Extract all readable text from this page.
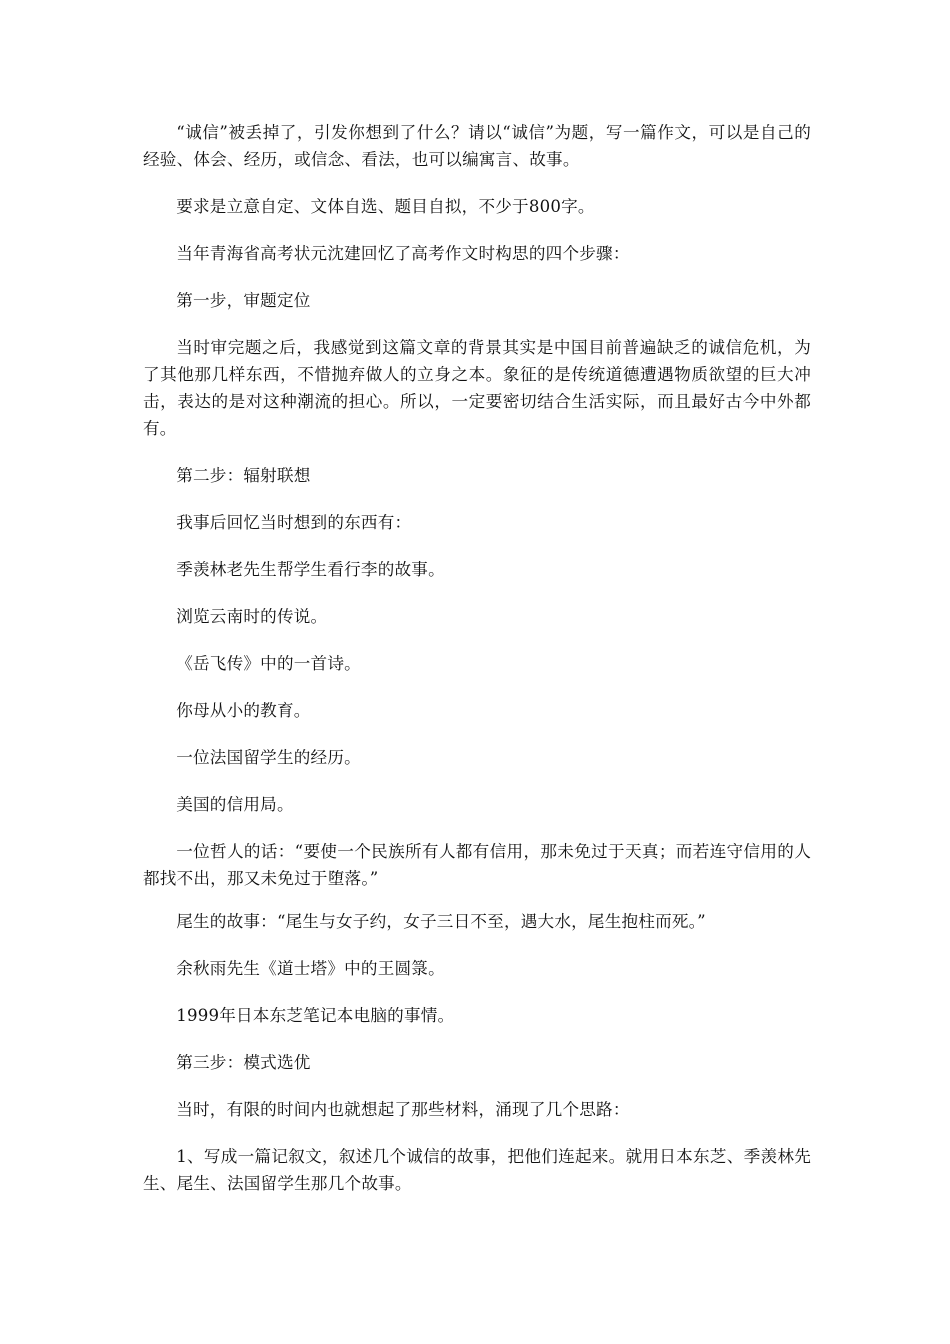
“诚信”被丢掉了，引发你想到了什么？请以“诚信”为题，写一篇作文，可以是自己的经验、体会、经历，或信念、看法，也可以编寓言、故事。

要求是立意自定、文体自选、题目自拟，不少于800字。

当年青海省高考状元沈建回忆了高考作文时构思的四个步骤：

第一步，审题定位

当时审完题之后，我感觉到这篇文章的背景其实是中国目前普遍缺乏的诚信危机，为了其他那几样东西，不惜抛弃做人的立身之本。象征的是传统道德遭遇物质欲望的巨大冲击，表达的是对这种潮流的担心。所以，一定要密切结合生活实际，而且最好古今中外都有。

第二步：辐射联想

我事后回忆当时想到的东西有：

季羡林老先生帮学生看行李的故事。

浏览云南时的传说。

《岳飞传》中的一首诗。

你母从小的教育。

一位法国留学生的经历。

美国的信用局。

一位哲人的话：“要使一个民族所有人都有信用，那未免过于天真；而若连守信用的人都找不出，那又未免过于堕落。”

尾生的故事：“尾生与女子约，女子三日不至，遇大水，尾生抱柱而死。”

余秋雨先生《道士塔》中的王圆箓。

1999年日本东芝笔记本电脑的事情。

第三步：模式选优

当时，有限的时间内也就想起了那些材料，涌现了几个思路：

1、写成一篇记叙文，叙述几个诚信的故事，把他们连起来。就用日本东芝、季羡林先生、尾生、法国留学生那几个故事。
